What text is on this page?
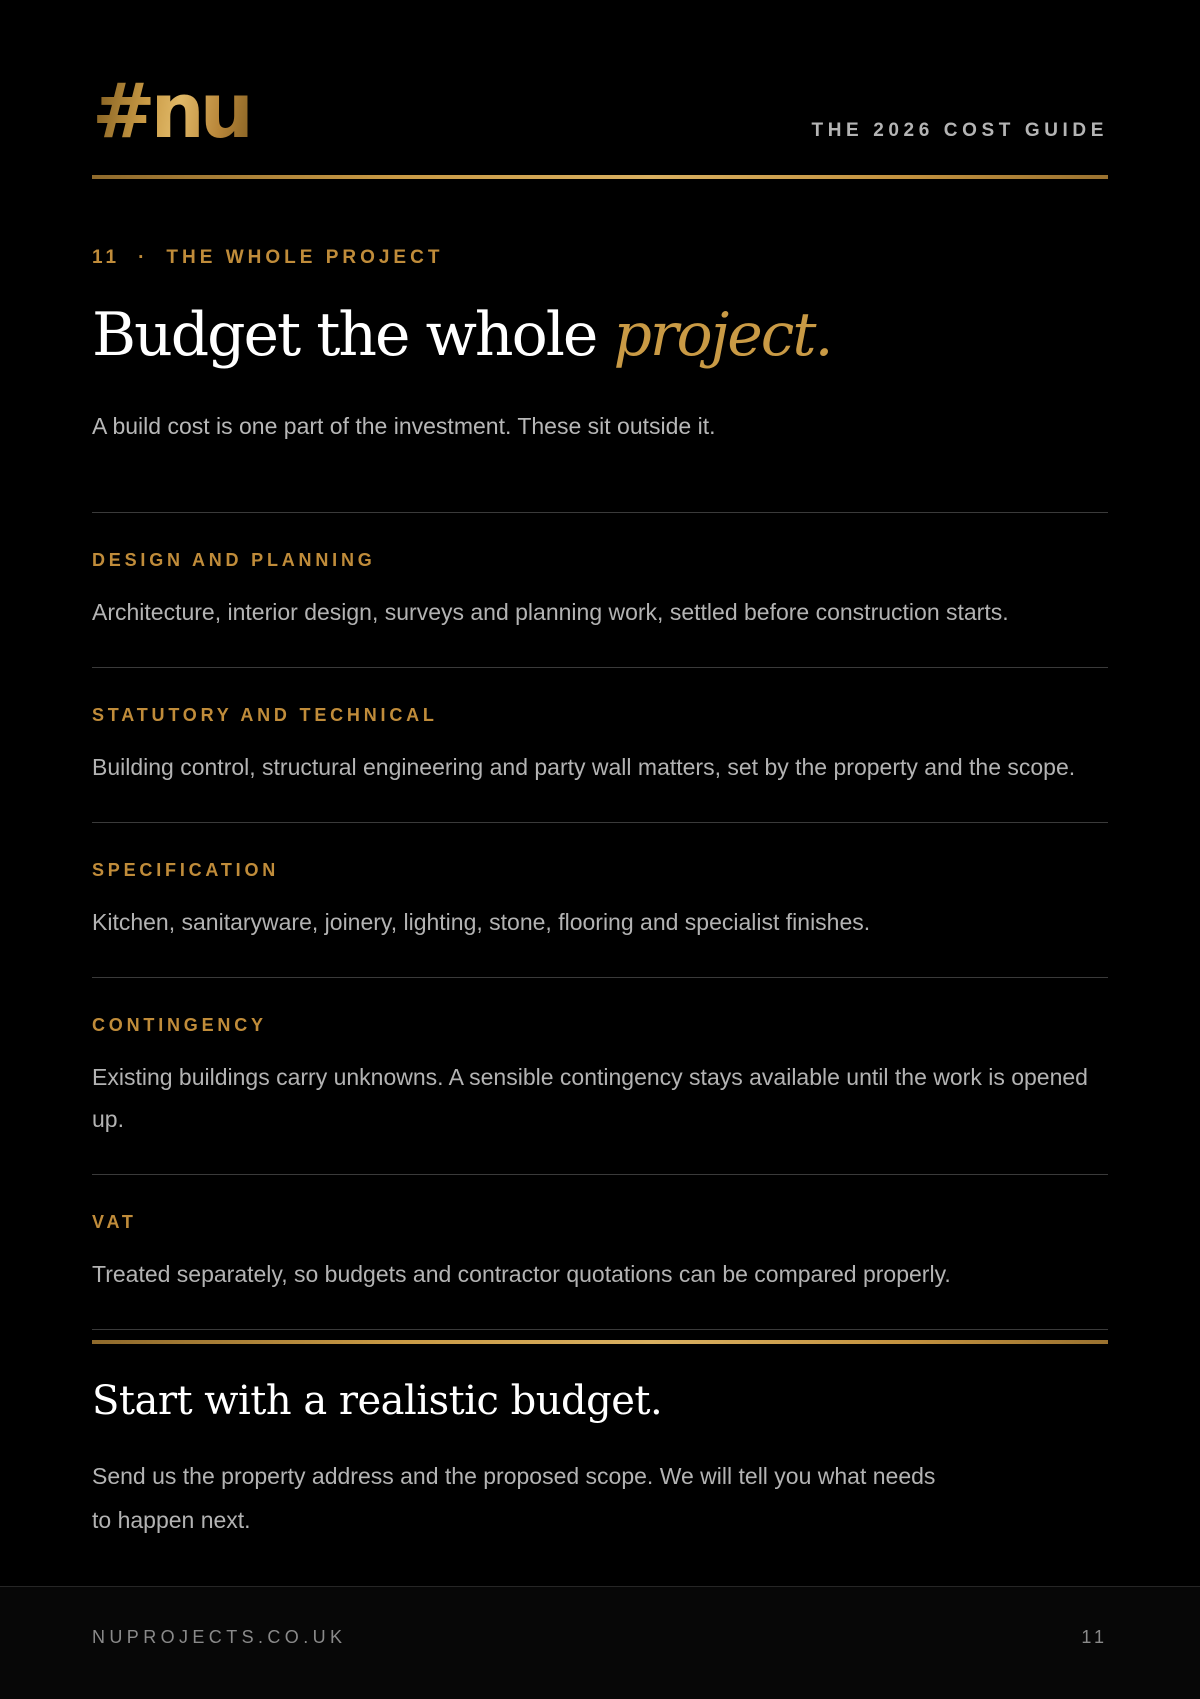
#nu	THE 2026 COST GUIDE
11 · THE WHOLE PROJECT
Budget the whole project.

A build cost is one part of the investment. These sit outside it.

DESIGN AND PLANNING
Architecture, interior design, surveys and planning work, settled before construction starts.
STATUTORY AND TECHNICAL
Building control, structural engineering and party wall matters, set by the property and the scope.
SPECIFICATION
Kitchen, sanitaryware, joinery, lighting, stone, flooring and specialist finishes.
CONTINGENCY
Existing buildings carry unknowns. A sensible contingency stays available until the work is opened up.
VAT
Treated separately, so budgets and contractor quotations can be compared properly.
Start with a realistic budget.

Send us the property address and the proposed scope. We will tell you what needs to happen next.

NUPROJECTS.CO.UK	11
